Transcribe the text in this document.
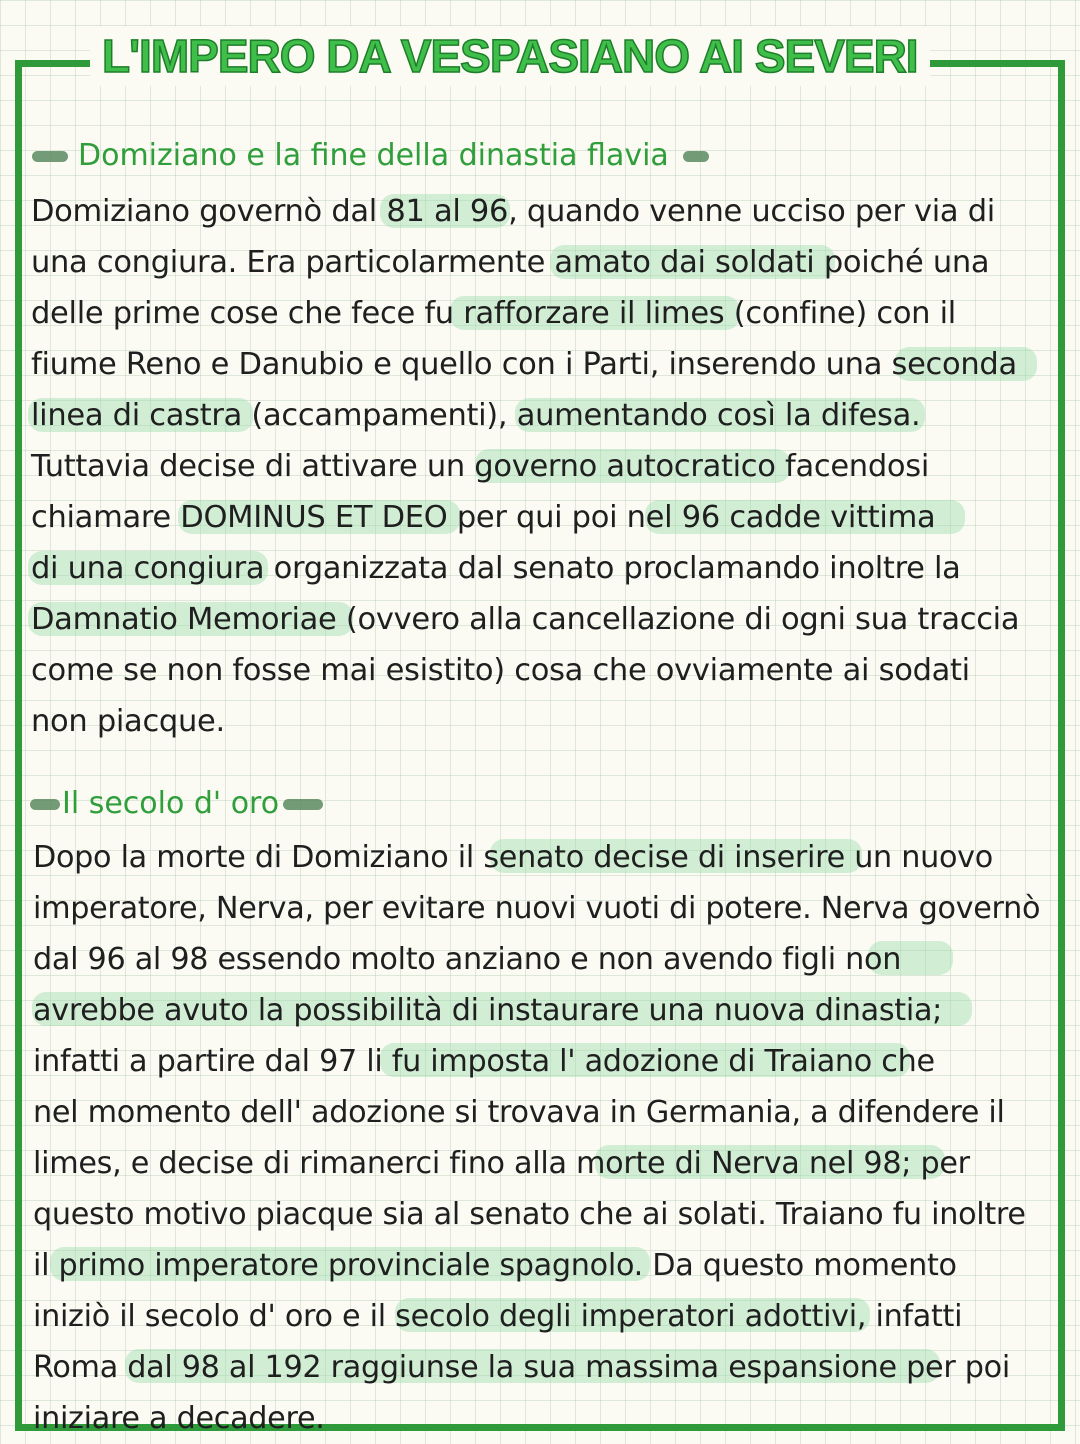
L'IMPERO DA VESPASIANO AI SEVERI
Domiziano e la fine della dinastia flavia
Domiziano governò dal 81 al 96, quando venne ucciso per via di
una congiura. Era particolarmente amato dai soldati poiché una
delle prime cose che fece fu rafforzare il limes (confine) con il
fiume Reno e Danubio e quello con i Parti, inserendo una seconda
linea di castra (accampamenti), aumentando così la difesa.
Tuttavia decise di attivare un governo autocratico facendosi
chiamare DOMINUS ET DEO per qui poi nel 96 cadde vittima
di una congiura organizzata dal senato proclamando inoltre la
Damnatio Memoriae (ovvero alla cancellazione di ogni sua traccia
come se non fosse mai esistito) cosa che ovviamente ai sodati
non piacque.
Il secolo d' oro
Dopo la morte di Domiziano il senato decise di inserire un nuovo
imperatore, Nerva, per evitare nuovi vuoti di potere. Nerva governò
dal 96 al 98 essendo molto anziano e non avendo figli non
avrebbe avuto la possibilità di instaurare una nuova dinastia;
infatti a partire dal 97 li fu imposta l' adozione di Traiano che
nel momento dell' adozione si trovava in Germania, a difendere il
limes, e decise di rimanerci fino alla morte di Nerva nel 98; per
questo motivo piacque sia al senato che ai solati. Traiano fu inoltre
il primo imperatore provinciale spagnolo. Da questo momento
iniziò il secolo d' oro e il secolo degli imperatori adottivi, infatti
Roma dal 98 al 192 raggiunse la sua massima espansione per poi
iniziare a decadere.
